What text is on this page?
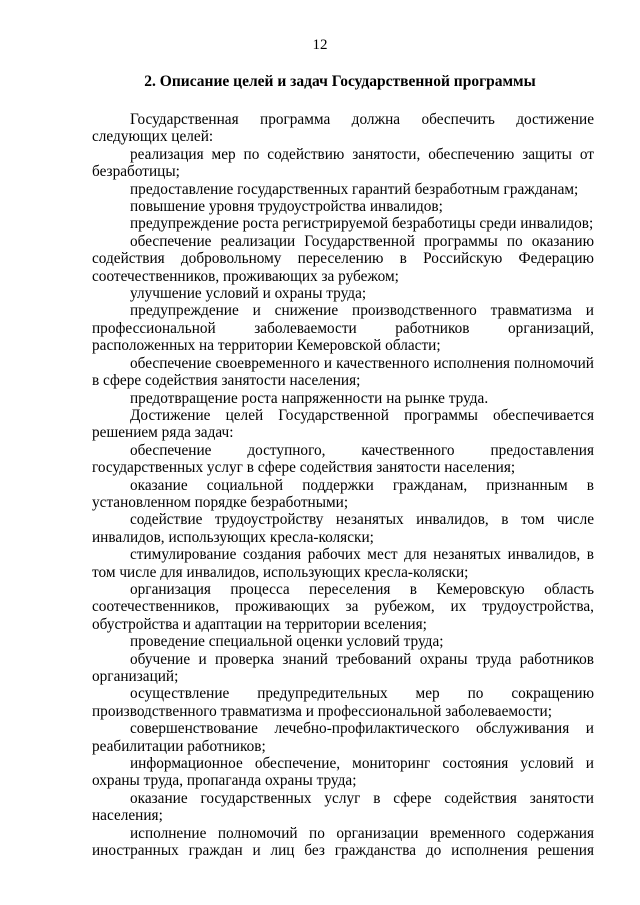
12
2. Описание целей и задач Государственной программы

Государственная программа должна обеспечить достижение следующих целей:

реализация мер по содействию занятости, обеспечению защиты от безработицы;

предоставление государственных гарантий безработным гражданам;

повышение уровня трудоустройства инвалидов;

предупреждение роста регистрируемой безработицы среди инвалидов;

обеспечение реализации Государственной программы по оказанию содействия добровольному переселению в Российскую Федерацию соотечественников, проживающих за рубежом;

улучшение условий и охраны труда;

предупреждение и снижение производственного травматизма и профессиональной заболеваемости работников организаций, расположенных на территории Кемеровской области;

обеспечение своевременного и качественного исполнения полномочий в сфере содействия занятости населения;

предотвращение роста напряженности на рынке труда.

Достижение целей Государственной программы обеспечивается решением ряда задач:

обеспечение доступного, качественного предоставления государственных услуг в сфере содействия занятости населения;

оказание социальной поддержки гражданам, признанным в установленном порядке безработными;

содействие трудоустройству незанятых инвалидов, в том числе инвалидов, использующих кресла-коляски;

стимулирование создания рабочих мест для незанятых инвалидов, в том числе для инвалидов, использующих кресла-коляски;

организация процесса переселения в Кемеровскую область соотечественников, проживающих за рубежом, их трудоустройства, обустройства и адаптации на территории вселения;

проведение специальной оценки условий труда;

обучение и проверка знаний требований охраны труда работников организаций;

осуществление предупредительных мер по сокращению производственного травматизма и профессиональной заболеваемости;

совершенствование лечебно-профилактического обслуживания и реабилитации работников;

информационное обеспечение, мониторинг состояния условий и охраны труда, пропаганда охраны труда;

оказание государственных услуг в сфере содействия занятости населения;

исполнение полномочий по организации временного содержания иностранных граждан и лиц без гражданства до исполнения решения
